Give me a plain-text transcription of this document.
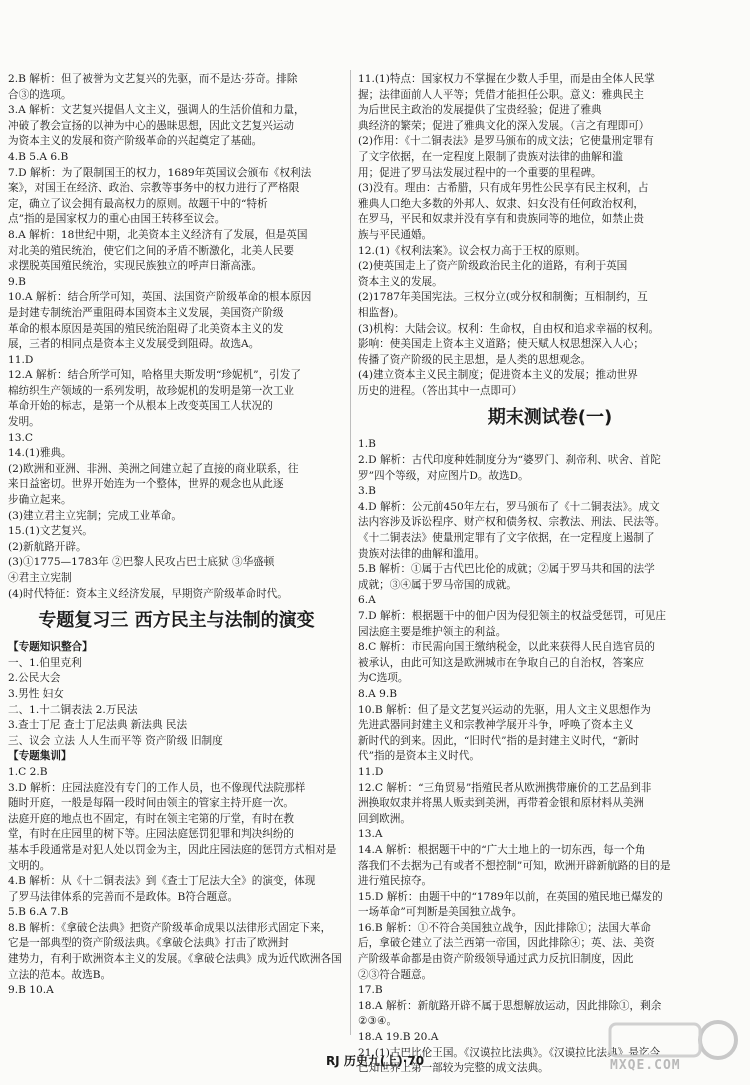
2.B 解析：但了被誉为文艺复兴的先驱，而不是达·芬奇。排除
合③的选项。
3.A 解析：文艺复兴提倡人文主义，强调人的生活价值和力量，
冲破了教会宣扬的以神为中心的愚昧思想，因此文艺复兴运动
为资本主义的发展和资产阶级革命的兴起奠定了基础。
4.B 5.A 6.B
7.D 解析：为了限制国王的权力，1689年英国议会颁布《权利法
案》，对国王在经济、政治、宗教等事务中的权力进行了严格限
定，确立了议会拥有最高权力的原则。故题干中的“特析
点”指的是国家权力的重心由国王转移至议会。
8.A 解析：18世纪中期，北美资本主义经济有了发展，但是英国
对北美的殖民统治，使它们之间的矛盾不断激化，北美人民要
求摆脱英国殖民统治，实现民族独立的呼声日渐高涨。
9.B
10.A 解析：结合所学可知，英国、法国资产阶级革命的根本原因
是封建专制统治严重阻碍本国资本主义发展，美国资产阶级
革命的根本原因是英国的殖民统治阻碍了北美资本主义的发
展，三者的相同点是资本主义发展受到阻碍。故选A。
11.D
12.A 解析：结合所学可知，哈格里夫斯发明“珍妮机”，引发了
棉纺织生产领域的一系列发明，故珍妮机的发明是第一次工业
革命开始的标志，是第一个从根本上改变英国工人状况的
发明。
13.C
14.(1)雅典。
(2)欧洲和亚洲、非洲、美洲之间建立起了直接的商业联系，往
来日益密切。世界开始连为一个整体，世界的观念也从此逐
步确立起来。
(3)建立君主立宪制；完成工业革命。
15.(1)文艺复兴。
(2)新航路开辟。
(3)①1775—1783年 ②巴黎人民攻占巴士底狱 ③华盛顿
④君主立宪制
(4)时代特征：资本主义经济发展，早期资产阶级革命时代。
专题复习三 西方民主与法制的演变
【专题知识整合】
一、1.伯里克利
2.公民大会
3.男性 妇女
二、1.十二铜表法 2.万民法
3.查士丁尼 查士丁尼法典 新法典 民法
三、议会 立法 人人生而平等 资产阶级 旧制度
【专题集训】
1.C 2.B
3.D 解析：庄园法庭没有专门的工作人员，也不像现代法院那样
随时开庭，一般是每隔一段时间由领主的管家主持开庭一次。
法庭开庭的地点也不固定，有时在领主宅第的厅堂，有时在教
堂，有时在庄园里的树下等。庄园法庭惩罚犯罪和判决纠纷的
基本手段通常是对犯人处以罚金为主，因此庄园法庭的惩罚方式相对是
文明的。
4.B 解析：从《十二铜表法》到《查士丁尼法大全》的演变，体现
了罗马法律体系的完善而不是政体。B符合题意。
5.B 6.A 7.B
8.B 解析：《拿破仑法典》把资产阶级革命成果以法律形式固定下来，
它是一部典型的资产阶级法典。《拿破仑法典》打击了欧洲封
建势力，有利于欧洲资本主义的发展。《拿破仑法典》成为近代欧洲各国
立法的范本。故选B。
9.B 10.A
11.(1)特点：国家权力不掌握在少数人手里，而是由全体人民掌
握；法律面前人人平等；凭借才能担任公职。意义：雅典民主
为后世民主政治的发展提供了宝贵经验；促进了雅典
典经济的繁荣；促进了雅典文化的深入发展。（言之有理即可）
(2)作用：《十二铜表法》是罗马颁布的成文法；它使量刑定罪有
了文字依据，在一定程度上限制了贵族对法律的曲解和滥
用；促进了罗马法发展过程中的一个重要的里程碑。
(3)没有。理由：古希腊，只有成年男性公民享有民主权利，占
雅典人口绝大多数的外邦人、奴隶、妇女没有任何政治权利，
在罗马，平民和奴隶并没有享有和贵族同等的地位，如禁止贵
族与平民通婚。
12.(1)《权利法案》。议会权力高于王权的原则。
(2)使英国走上了资产阶级政治民主化的道路，有利于英国
资本主义的发展。
(2)1787年美国宪法。三权分立(或分权和制衡；互相制约，互
相监督)。
(3)机构：大陆会议。权利：生命权，自由权和追求幸福的权利。
影响：使美国走上资本主义道路；使天赋人权思想深入人心；
传播了资产阶级的民主思想，是人类的思想观念。
(4)建立资本主义民主制度；促进资本主义的发展；推动世界
历史的进程。（答出其中一点即可）
期末测试卷(一)
1.B
2.D 解析：古代印度种姓制度分为“婆罗门、刹帝利、吠舍、首陀
罗”四个等级，对应图片D。故选D。
3.B
4.D 解析：公元前450年左右，罗马颁布了《十二铜表法》。成文
法内容涉及诉讼程序、财产权和债务权、宗教法、刑法、民法等。
《十二铜表法》使量刑定罪有了文字依据，在一定程度上遏制了
贵族对法律的曲解和滥用。
5.B 解析：①属于古代巴比伦的成就；②属于罗马共和国的法学
成就；③④属于罗马帝国的成就。
6.A
7.D 解析：根据题干中的佃户因为侵犯领主的权益受惩罚，可见庄
园法庭主要是维护领主的利益。
8.C 解析：市民需向国王缴纳税金，以此来获得人民自选官员的
被承认，由此可知这是欧洲城市在争取自己的自治权，答案应
为C选项。
8.A 9.B
10.B 解析：但了是文艺复兴运动的先驱，用人文主义思想作为
先进武器同封建主义和宗教神学展开斗争，呼唤了资本主义
新时代的到来。因此，“旧时代”指的是封建主义时代，“新时
代”指的是资本主义时代。
11.D
12.C 解析：“三角贸易”指殖民者从欧洲携带廉价的工艺品到非
洲换取奴隶并将黑人贩卖到美洲，再带着金银和原材料从美洲
回到欧洲。
13.A
14.A 解析：根据题干中的“广大土地上的一切东西，每一个角
落我们不去据为己有或者不想控制”可知，欧洲开辟新航路的目的是
进行殖民掠夺。
15.D 解析：由题干中的“1789年以前，在英国的殖民地已爆发的
一场革命”可判断是美国独立战争。
16.B 解析：①不符合美国独立战争，因此排除①；法国大革命
后，拿破仑建立了法兰西第一帝国，因此排除④；英、法、美资
产阶级革命都是由资产阶级领导通过武力反抗旧制度，因此
②③符合题意。
17.B
18.A 解析：新航路开辟不属于思想解放运动，因此排除①，剩余
②③④。
18.A 19.B 20.A
21.(1)古巴比伦王国。《汉谟拉比法典》。《汉谟拉比法典》是迄今
已知世界上第一部较为完整的成文法典。
RJ 历史九(上)·70	MXQE.COM
